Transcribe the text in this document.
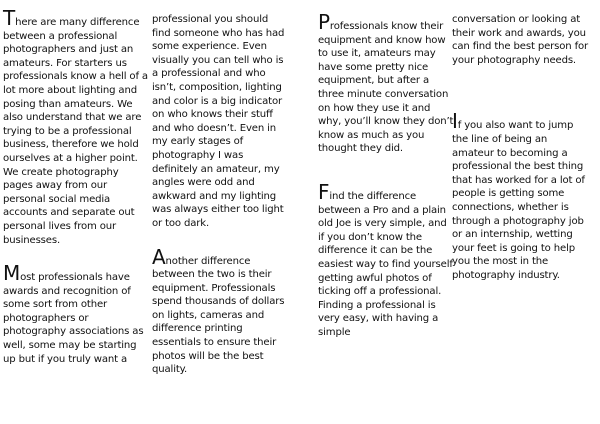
There are many difference between a professional photographers and just an amateurs. For starters us professionals know a hell of a lot more about lighting and posing than amateurs. We also understand that we are trying to be a professional business, therefore we hold ourselves at a higher point. We create photography pages away from our personal social media accounts and separate out personal lives from our businesses.

Most professionals have awards and recognition of some sort from other photographers or photography associations as well, some may be starting up but if you truly want a

professional you should find someone who has had some experience. Even visually you can tell who is a professional and who isn’t, composition, lighting and color is a big indicator on who knows their stuff and who doesn’t. Even in my early stages of photography I was definitely an amateur, my angles were odd and awkward and my lighting was always either too light or too dark.

Another difference between the two is their equipment. Professionals spend thousands of dollars on lights, cameras and difference printing essentials to ensure their photos will be the best quality.

Professionals know their equipment and know how to use it, amateurs may have some pretty nice equipment, but after a three minute conversation on how they use it and why, you’ll know they don’t know as much as you thought they did.

Find the difference between a Pro and a plain old Joe is very simple, and if you don’t know the difference it can be the easiest way to find yourself getting awful photos of ticking off a professional. Finding a professional is very easy, with having a simple

conversation or looking at their work and awards, you can find the best person for your photography needs.

If you also want to jump the line of being an amateur to becoming a professional the best thing that has worked for a lot of people is getting some connections, whether is through a photography job or an internship, wetting your feet is going to help you the most in the photography industry.
